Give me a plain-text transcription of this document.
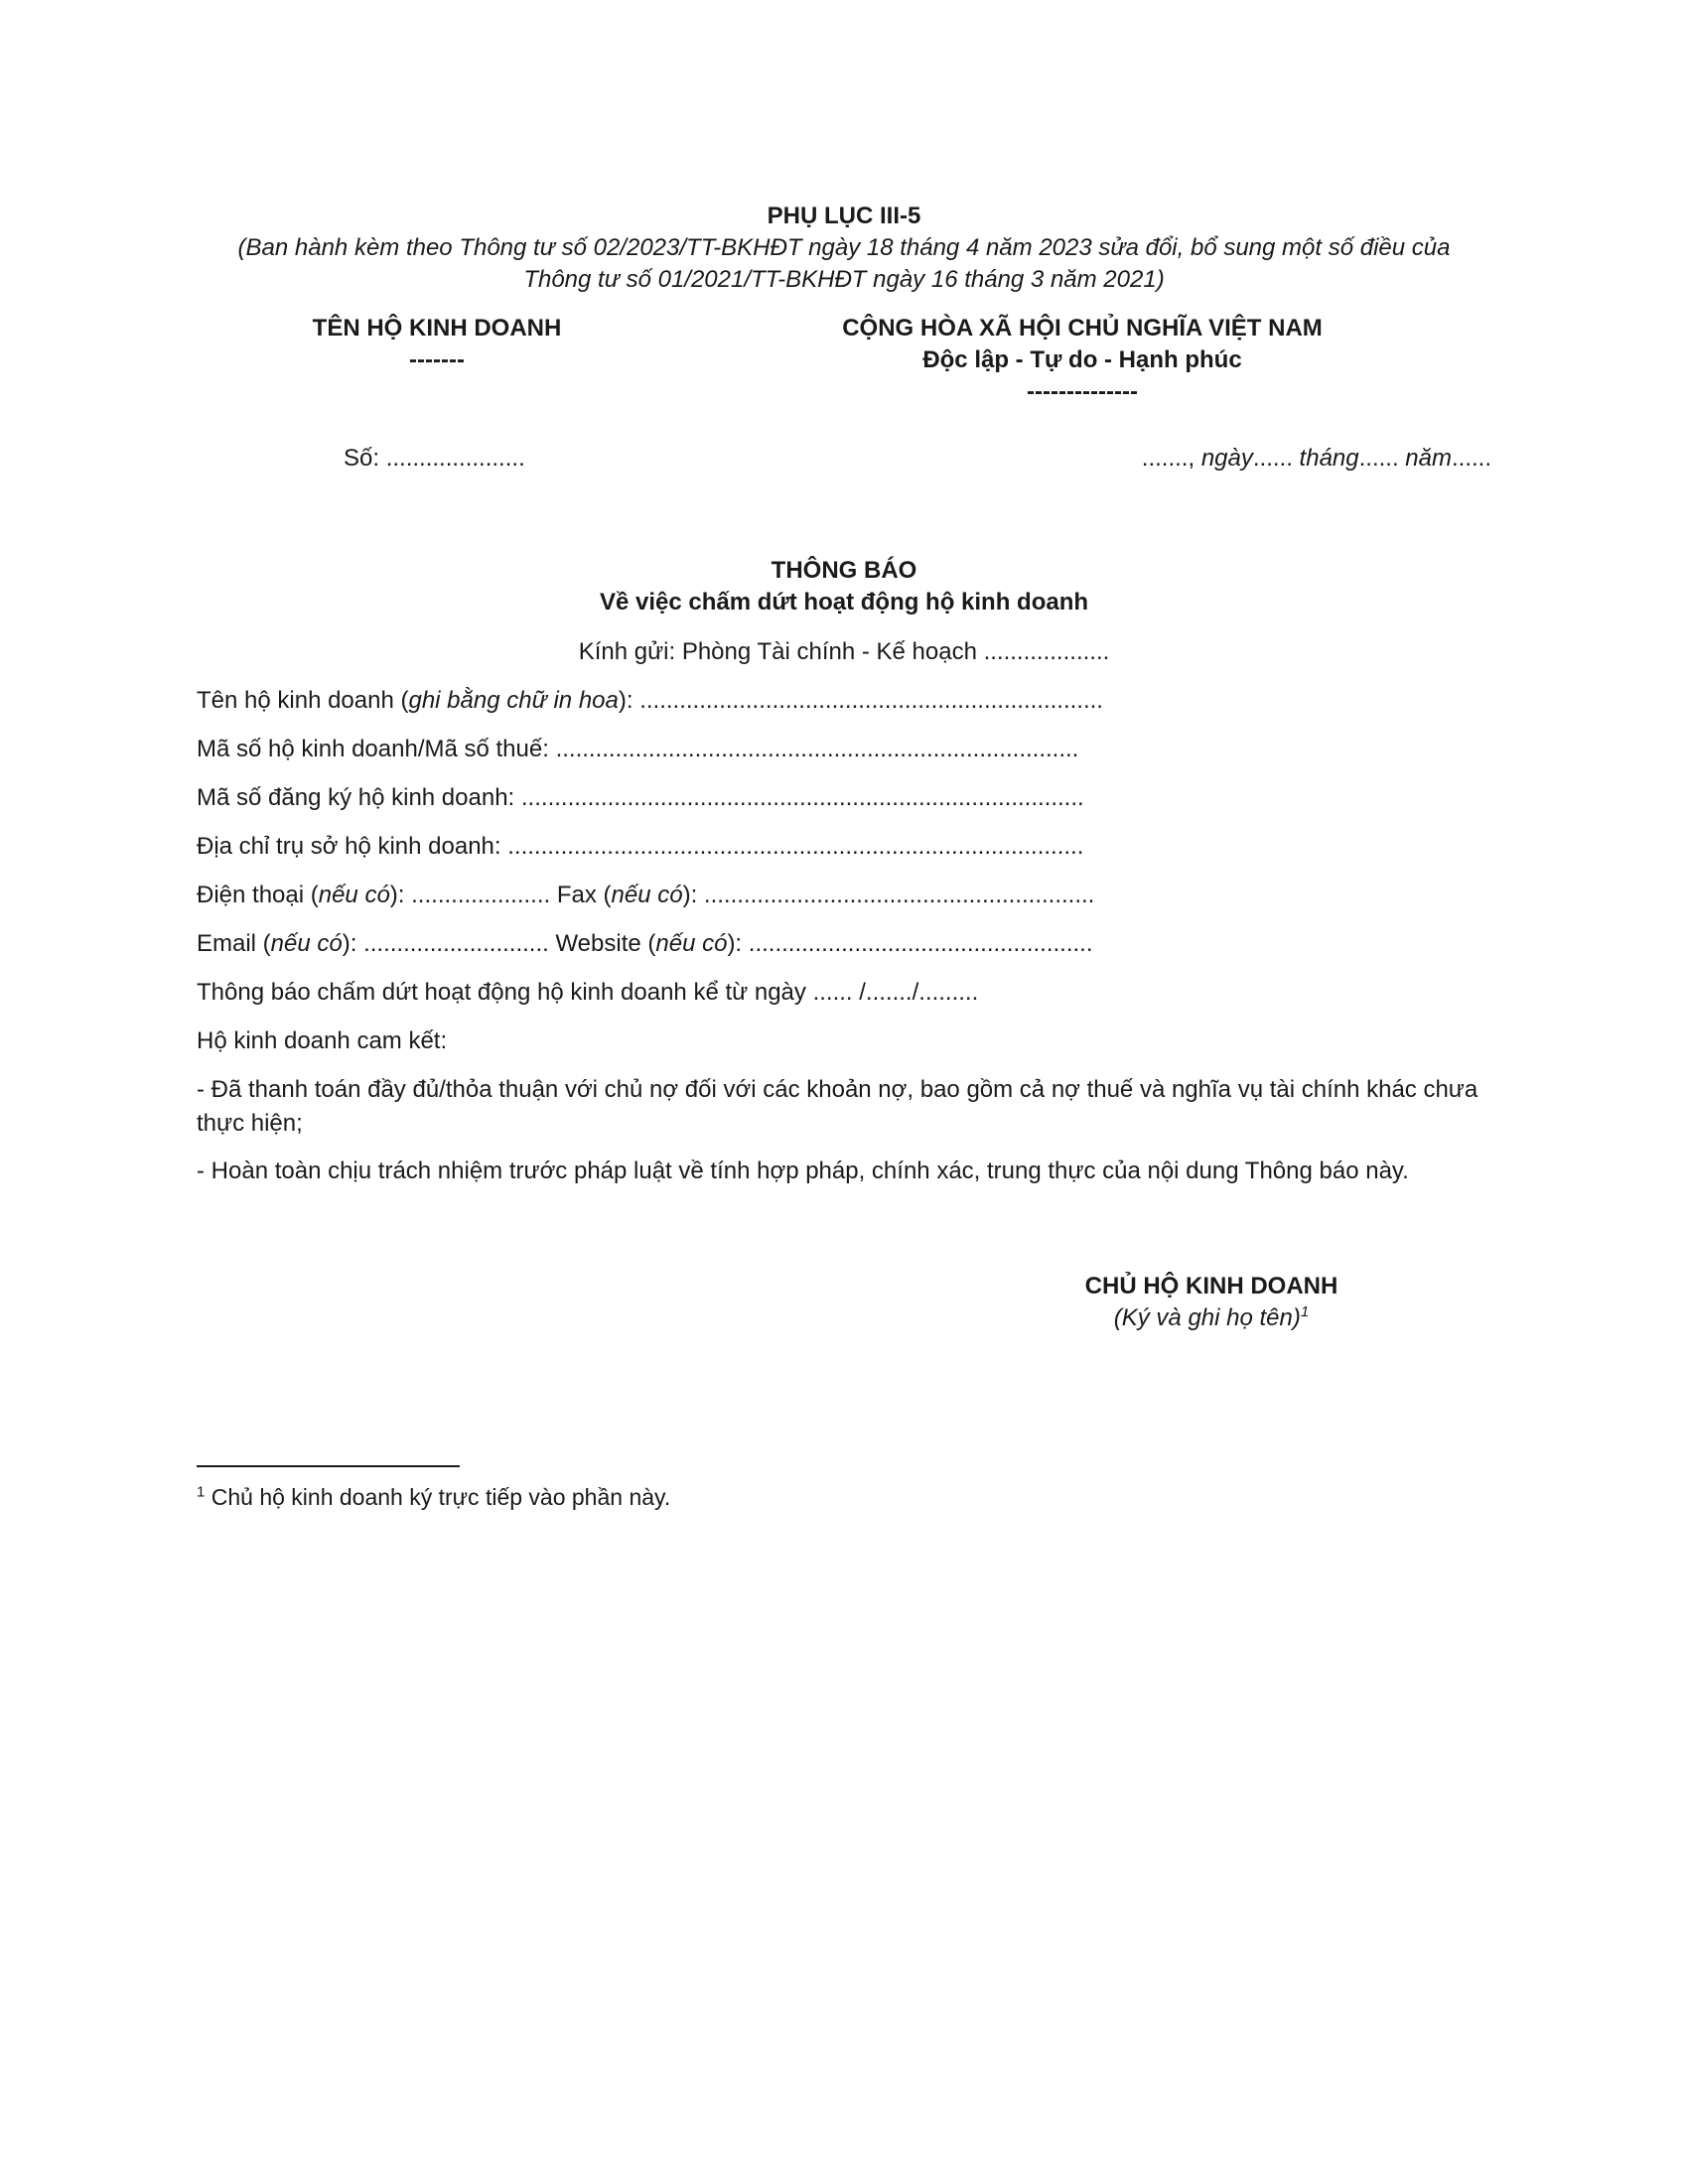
PHỤ LỤC III-5
(Ban hành kèm theo Thông tư số 02/2023/TT-BKHĐT ngày 18 tháng 4 năm 2023 sửa đổi, bổ sung một số điều của
Thông tư số 01/2021/TT-BKHĐT ngày 16 tháng 3 năm 2021)
TÊN HỘ KINH DOANH
-------
CỘNG HÒA XÃ HỘI CHỦ NGHĨA VIỆT NAM
Độc lập - Tự do - Hạnh phúc
--------------
Số: .....................	......., ngày...... tháng...... năm......
THÔNG BÁO
Về việc chấm dứt hoạt động hộ kinh doanh
Kính gửi: Phòng Tài chính - Kế hoạch ...................
Tên hộ kinh doanh (ghi bằng chữ in hoa): ......................................................................
Mã số hộ kinh doanh/Mã số thuế: ...............................................................................
Mã số đăng ký hộ kinh doanh: .....................................................................................
Địa chỉ trụ sở hộ kinh doanh: .......................................................................................
Điện thoại (nếu có): ..................... Fax (nếu có): ...........................................................
Email (nếu có): ............................ Website (nếu có): ....................................................
Thông báo chấm dứt hoạt động hộ kinh doanh kể từ ngày ...... /......./.........
Hộ kinh doanh cam kết:
- Đã thanh toán đầy đủ/thỏa thuận với chủ nợ đối với các khoản nợ, bao gồm cả nợ thuế và nghĩa vụ tài chính khác chưa thực hiện;
- Hoàn toàn chịu trách nhiệm trước pháp luật về tính hợp pháp, chính xác, trung thực của nội dung Thông báo này.
CHỦ HỘ KINH DOANH
(Ký và ghi họ tên)$^1$
$^1$ Chủ hộ kinh doanh ký trực tiếp vào phần này.
